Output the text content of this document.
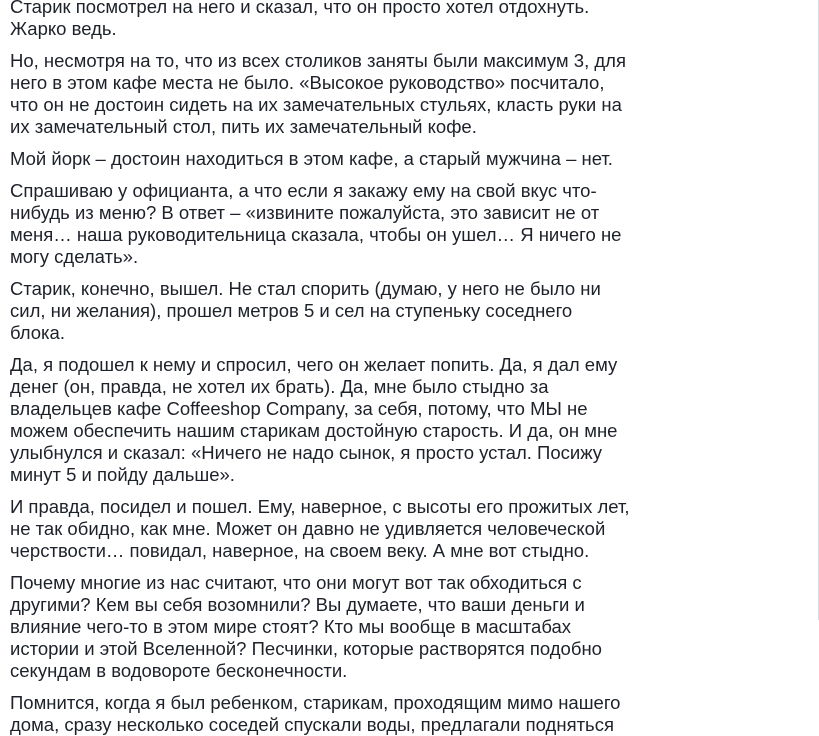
Старик посмотрел на него и сказал, что он просто хотел отдохнуть.
Жарко ведь.

Но, несмотря на то, что из всех столиков заняты были максимум 3, для
него в этом кафе места не было. «Высокое руководство» посчитало,
что он не достоин сидеть на их замечательных стульях, класть руки на
их замечательный стол, пить их замечательный кофе.

Мой йорк – достоин находиться в этом кафе, а старый мужчина – нет.

Спрашиваю у официанта, а что если я закажу ему на свой вкус что-
нибудь из меню? В ответ – «извините пожалуйста, это зависит не от
меня… наша руководительница сказала, чтобы он ушел… Я ничего не
могу сделать».

Старик, конечно, вышел. Не стал спорить (думаю, у него не было ни
сил, ни желания), прошел метров 5 и сел на ступеньку соседнего
блока.

Да, я подошел к нему и спросил, чего он желает попить. Да, я дал ему
денег (он, правда, не хотел их брать). Да, мне было стыдно за
владельцев кафе Coffeeshop Company, за себя, потому, что МЫ не
можем обеспечить нашим старикам достойную старость. И да, он мне
улыбнулся и сказал: «Ничего не надо сынок, я просто устал. Посижу
минут 5 и пойду дальше».

И правда, посидел и пошел. Ему, наверное, с высоты его прожитых лет,
не так обидно, как мне. Может он давно не удивляется человеческой
черствости… повидал, наверное, на своем веку. А мне вот стыдно.

Почему многие из нас считают, что они могут вот так обходиться с
другими? Кем вы себя возомнили? Вы думаете, что ваши деньги и
влияние чего-то в этом мире стоят? Кто мы вообще в масштабах
истории и этой Вселенной? Песчинки, которые растворятся подобно
секундам в водовороте бесконечности.

Помнится, когда я был ребенком, старикам, проходящим мимо нашего
дома, сразу несколько соседей спускали воды, предлагали подняться
